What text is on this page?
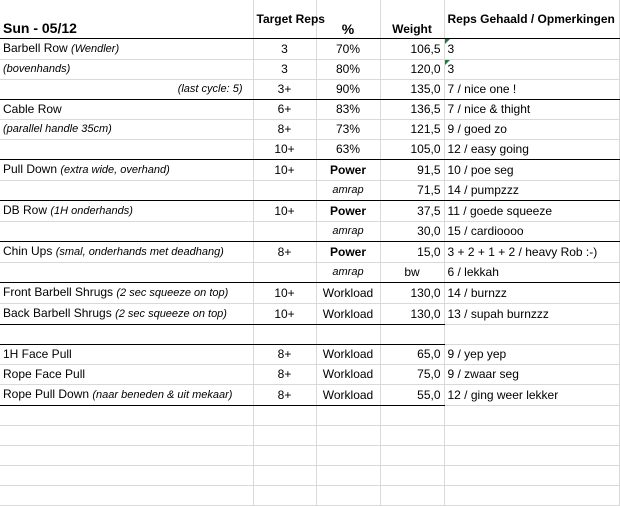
Sun - 05/12	Target Reps	%	Weight	Reps Gehaald / Opmerkingen
Barbell Row (Wendler)	3	70%	106,5	3
(bovenhands)	3	80%	120,0	3
(last cycle: 5)	3+	90%	135,0	7 / nice one !
Cable Row	6+	83%	136,5	7 / nice & thight
(parallel handle 35cm)	8+	73%	121,5	9 / goed zo
	10+	63%	105,0	12 / easy going
Pull Down (extra wide, overhand)	10+	Power	91,5	10 / poe seg
		amrap	71,5	14 / pumpzzz
DB Row (1H onderhands)	10+	Power	37,5	11 / goede squeeze
		amrap	30,0	15 / cardioooo
Chin Ups (smal, onderhands met deadhang)	8+	Power	15,0	3 + 2 + 1 + 2 / heavy Rob :-)
		amrap	bw	6 / lekkah
Front Barbell Shrugs (2 sec squeeze on top)	10+	Workload	130,0	14 / burnzz
Back Barbell Shrugs (2 sec squeeze on top)	10+	Workload	130,0	13 / supah burnzzz

1H Face Pull	8+	Workload	65,0	9 / yep yep
Rope Face Pull	8+	Workload	75,0	9 / zwaar seg
Rope Pull Down (naar beneden & uit mekaar)	8+	Workload	55,0	12 / ging weer lekker
